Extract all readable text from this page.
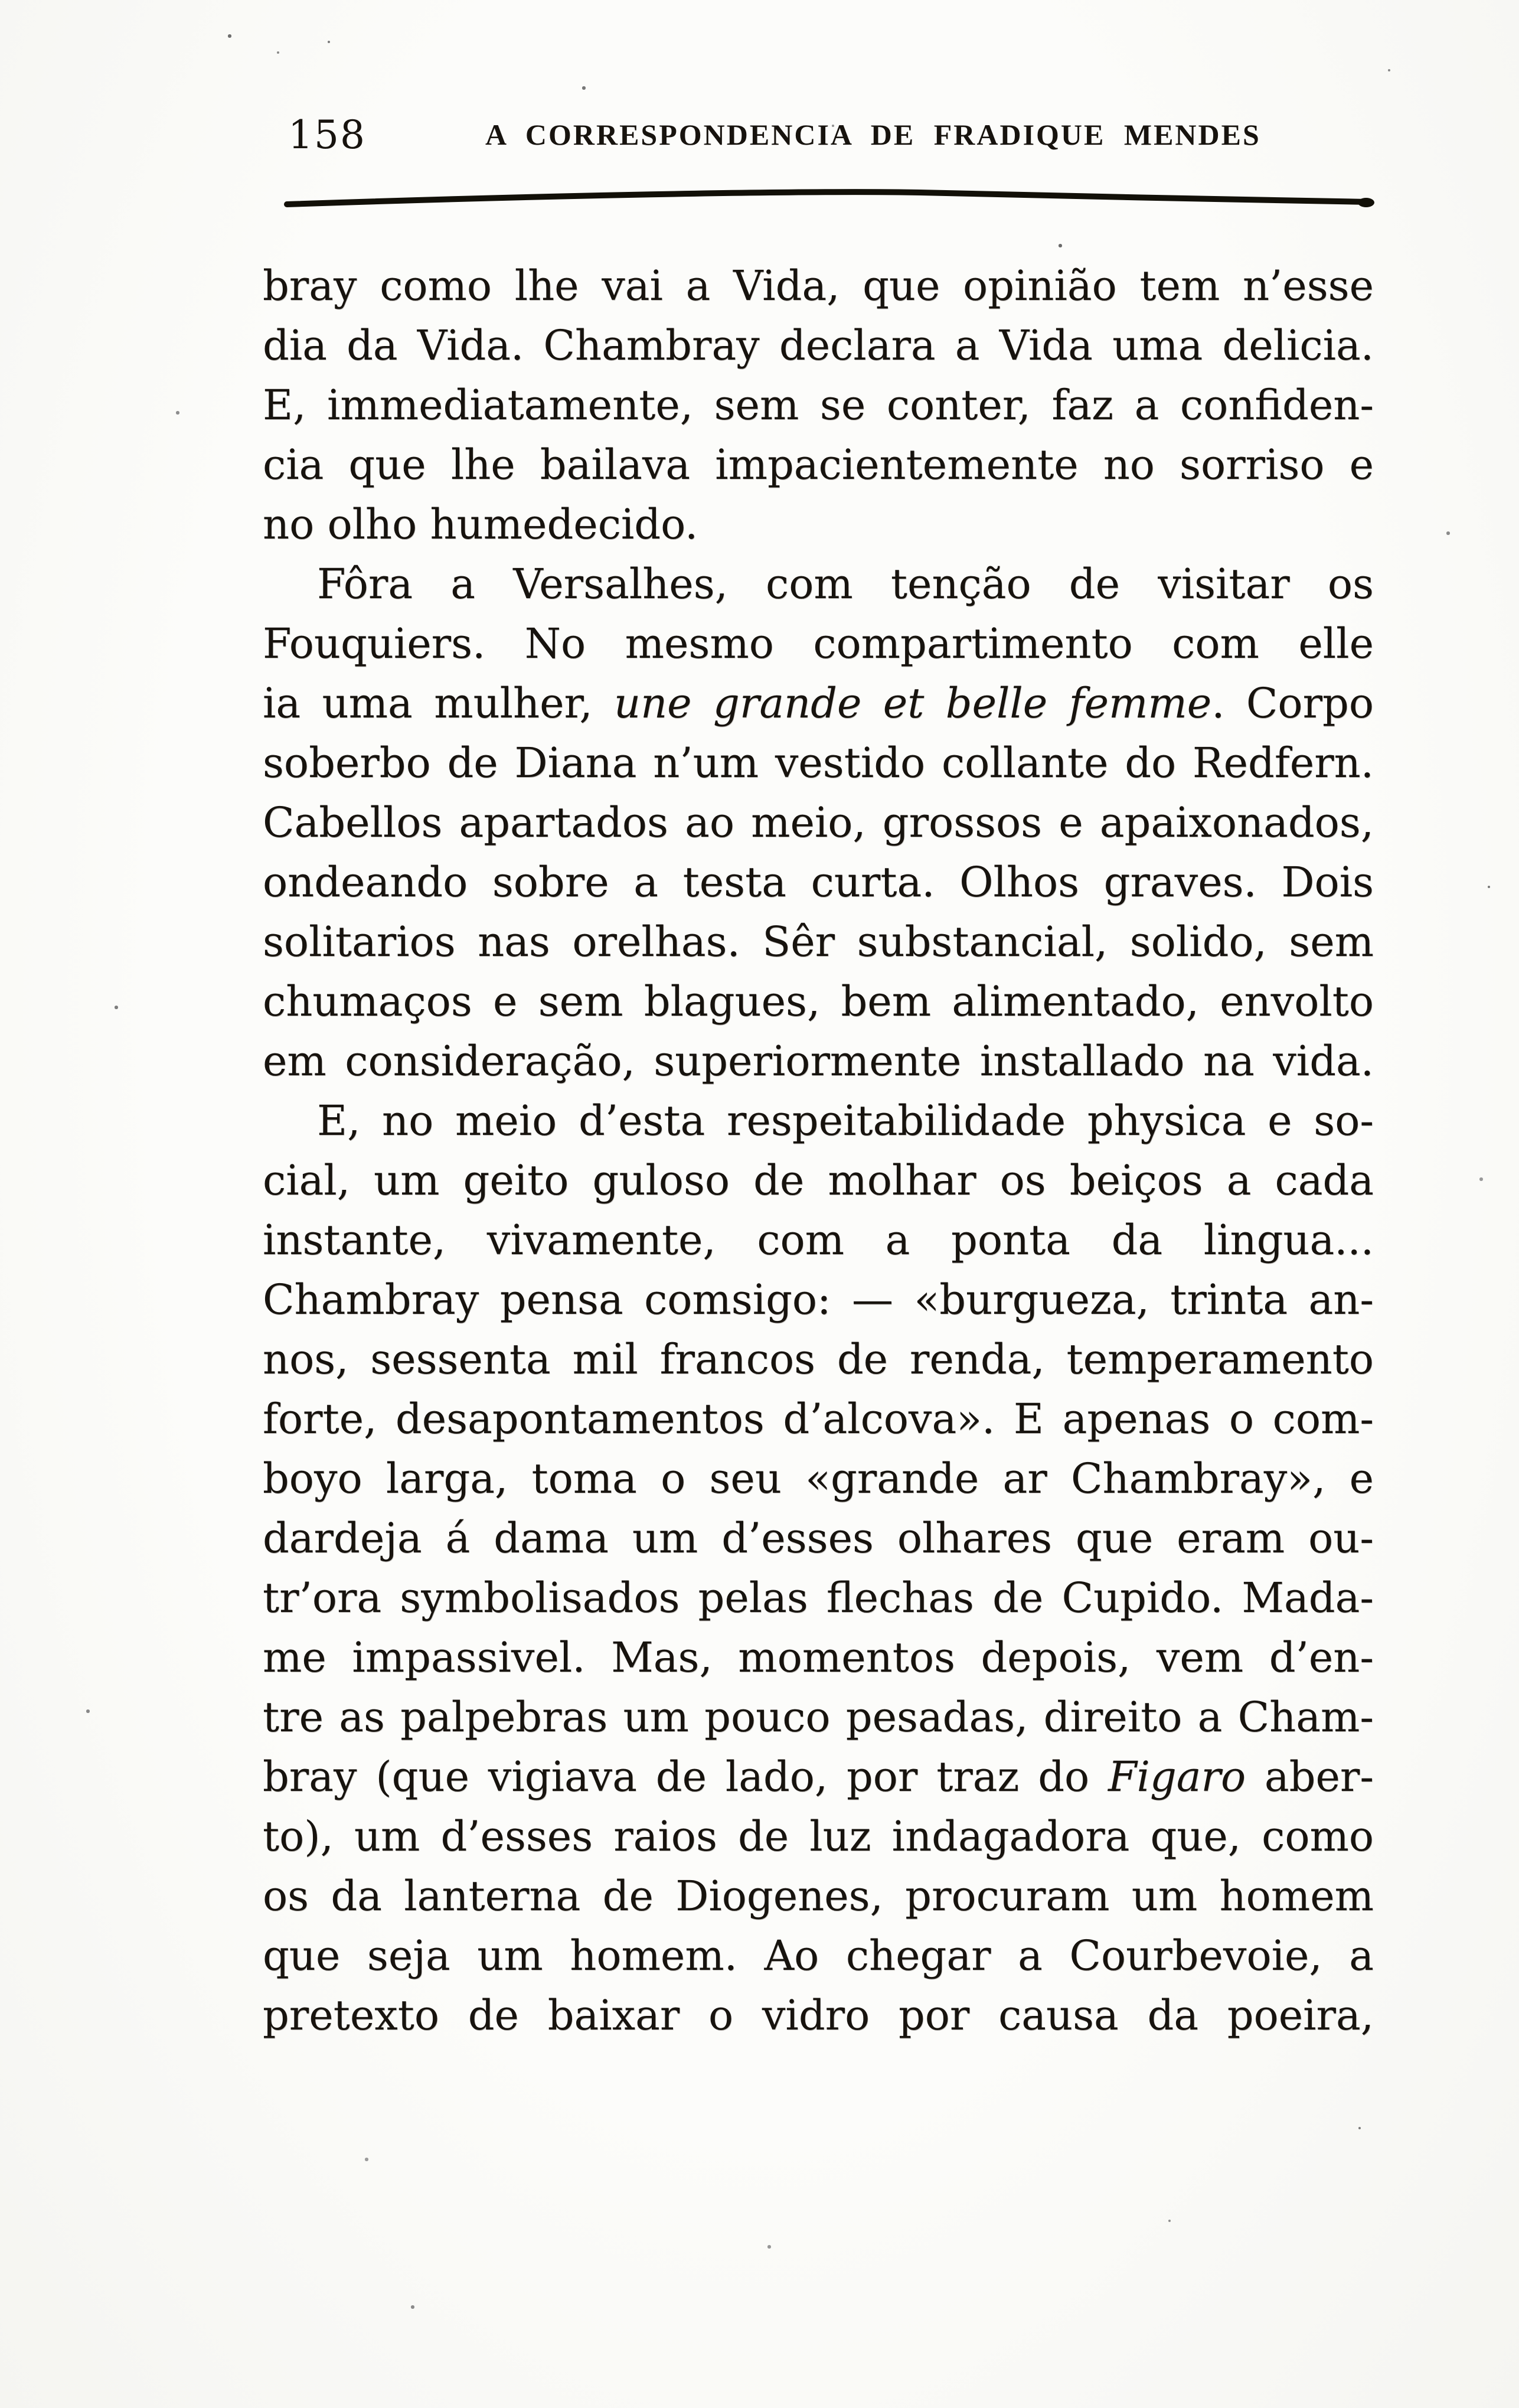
158	A CORRESPONDENCIA DE FRADIQUE MENDES
bray como lhe vai a Vida, que opinião tem n’esse
dia da Vida. Chambray declara a Vida uma delicia.
E, immediatamente, sem se conter, faz a confiden-
cia que lhe bailava impacientemente no sorriso e
no olho humedecido.
Fôra a Versalhes, com tenção de visitar os
Fouquiers. No mesmo compartimento com elle
ia uma mulher, une grande et belle femme. Corpo
soberbo de Diana n’um vestido collante do Redfern.
Cabellos apartados ao meio, grossos e apaixonados,
ondeando sobre a testa curta. Olhos graves. Dois
solitarios nas orelhas. Sêr substancial, solido, sem
chumaços e sem blagues, bem alimentado, envolto
em consideração, superiormente installado na vida.
E, no meio d’esta respeitabilidade physica e so-
cial, um geito guloso de molhar os beiços a cada
instante, vivamente, com a ponta da lingua...
Chambray pensa comsigo: — «burgueza, trinta an-
nos, sessenta mil francos de renda, temperamento
forte, desapontamentos d’alcova». E apenas o com-
boyo larga, toma o seu «grande ar Chambray», e
dardeja á dama um d’esses olhares que eram ou-
tr’ora symbolisados pelas flechas de Cupido. Mada-
me impassivel. Mas, momentos depois, vem d’en-
tre as palpebras um pouco pesadas, direito a Cham-
bray (que vigiava de lado, por traz do Figaro aber-
to), um d’esses raios de luz indagadora que, como
os da lanterna de Diogenes, procuram um homem
que seja um homem. Ao chegar a Courbevoie, a
pretexto de baixar o vidro por causa da poeira,
